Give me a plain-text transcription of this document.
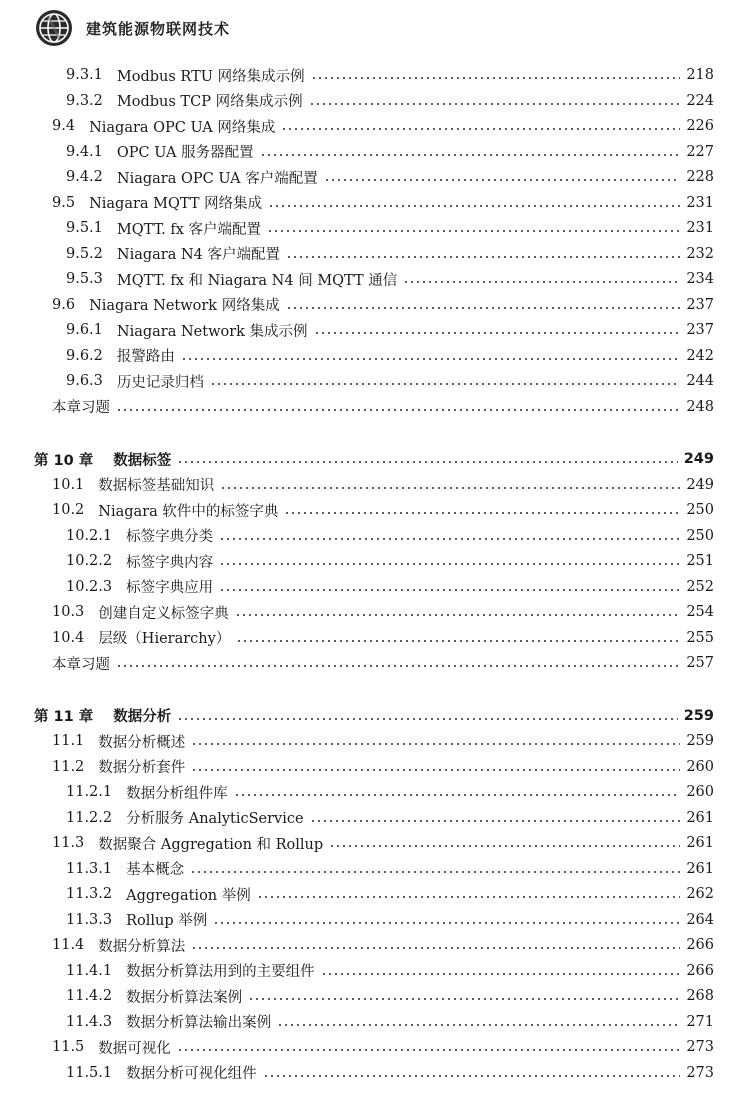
建筑能源物联网技术
9.3.1 Modbus RTU 网络集成示例	218
9.3.2 Modbus TCP 网络集成示例	224
9.4 Niagara OPC UA 网络集成	226
9.4.1 OPC UA 服务器配置	227
9.4.2 Niagara OPC UA 客户端配置	228
9.5 Niagara MQTT 网络集成	231
9.5.1 MQTT. fx 客户端配置	231
9.5.2 Niagara N4 客户端配置	232
9.5.3 MQTT. fx 和 Niagara N4 间 MQTT 通信	234
9.6 Niagara Network 网络集成	237
9.6.1 Niagara Network 集成示例	237
9.6.2 报警路由	242
9.6.3 历史记录归档	244
本章习题	248
第 10 章	数据标签	249
10.1 数据标签基础知识	249
10.2 Niagara 软件中的标签字典	250
10.2.1 标签字典分类	250
10.2.2 标签字典内容	251
10.2.3 标签字典应用	252
10.3 创建自定义标签字典	254
10.4 层级（Hierarchy）	255
本章习题	257
第 11 章	数据分析	259
11.1 数据分析概述	259
11.2 数据分析套件	260
11.2.1 数据分析组件库	260
11.2.2 分析服务 AnalyticService	261
11.3 数据聚合 Aggregation 和 Rollup	261
11.3.1 基本概念	261
11.3.2 Aggregation 举例	262
11.3.3 Rollup 举例	264
11.4 数据分析算法	266
11.4.1 数据分析算法用到的主要组件	266
11.4.2 数据分析算法案例	268
11.4.3 数据分析算法输出案例	271
11.5 数据可视化	273
11.5.1 数据分析可视化组件	273
